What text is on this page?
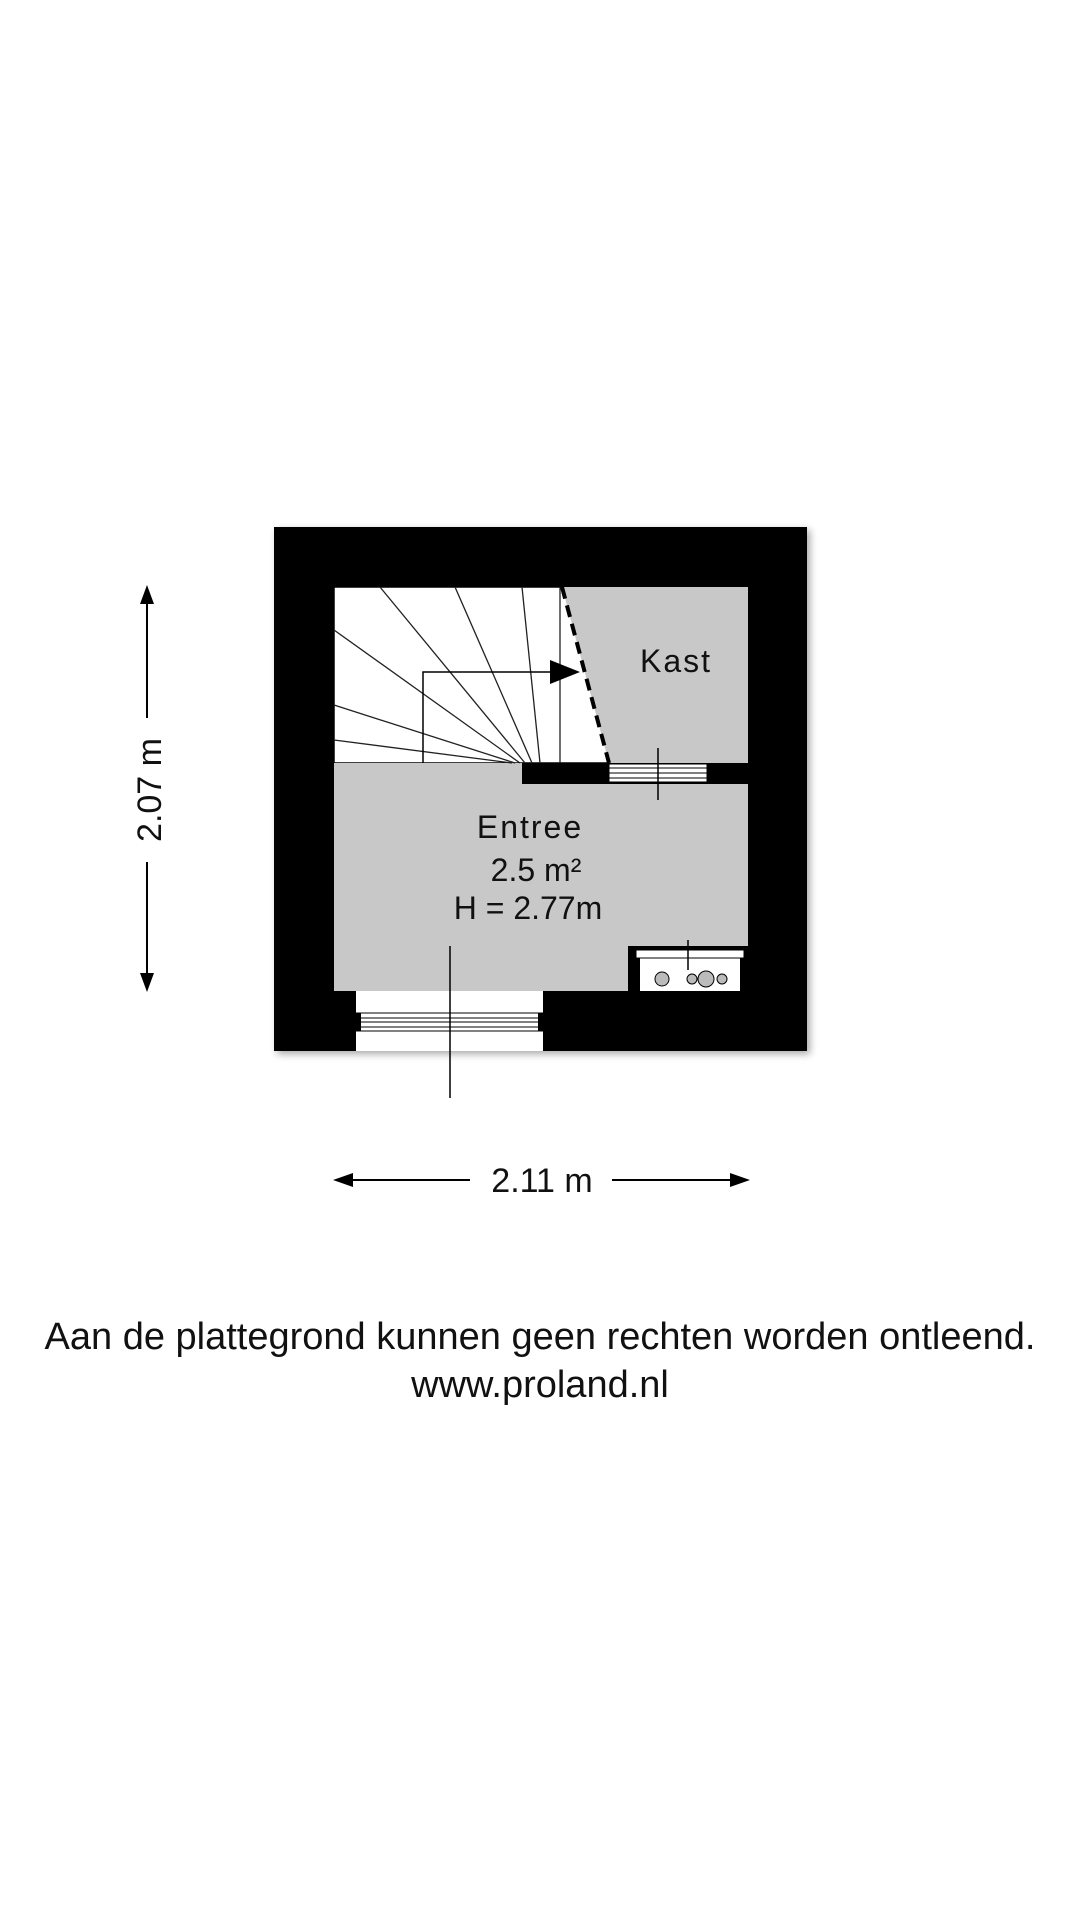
Kast
Entree
2.5 m²
H = 2.77m
2.07 m
2.11 m
Aan de plattegrond kunnen geen rechten worden ontleend.
www.proland.nl
